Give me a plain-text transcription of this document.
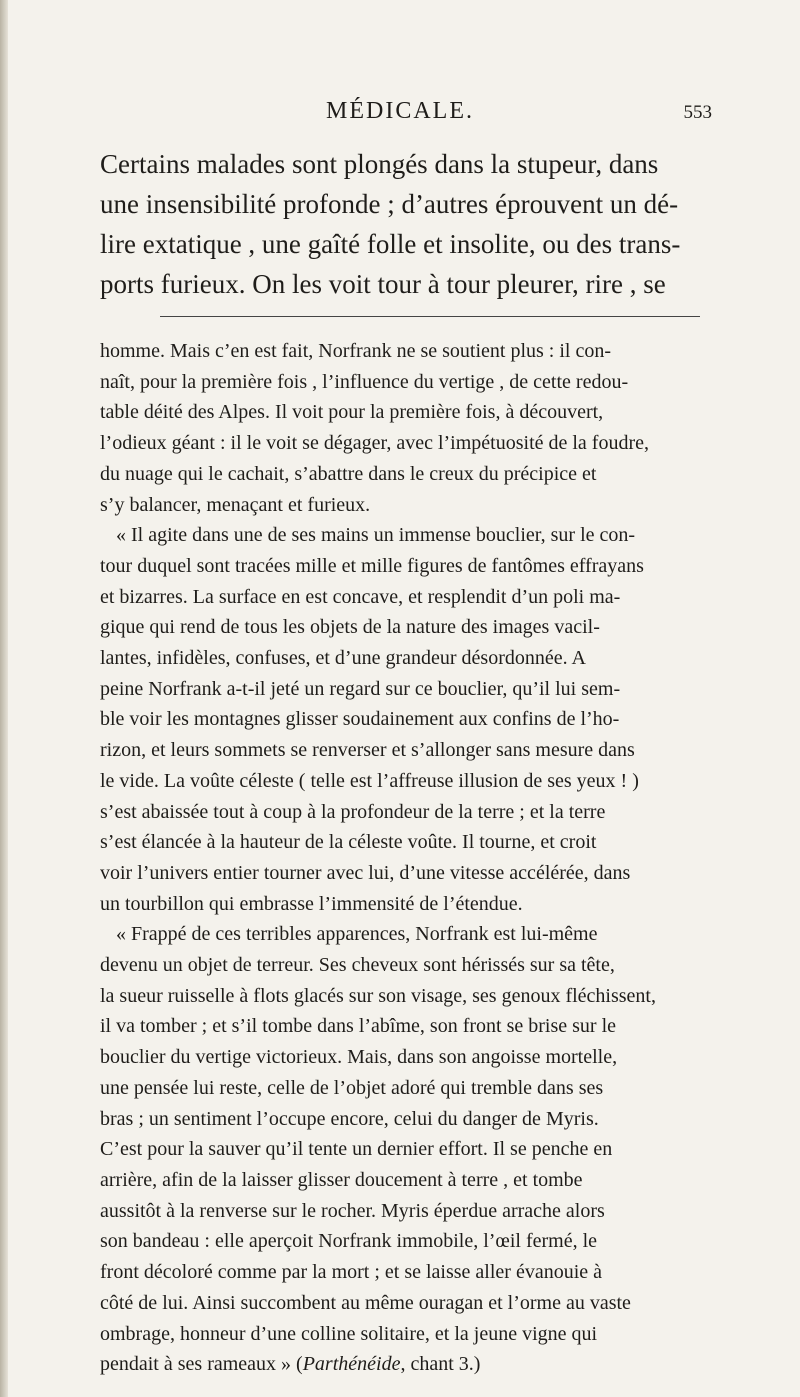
MÉDICALE.	553
Certains malades sont plongés dans la stupeur, dans
une insensibilité profonde ; d’autres éprouvent un dé-
lire extatique , une gaîté folle et insolite, ou des trans-
ports furieux. On les voit tour à tour pleurer, rire , se
homme. Mais c’en est fait, Norfrank ne se soutient plus : il con-
naît, pour la première fois , l’influence du vertige , de cette redou-
table déité des Alpes. Il voit pour la première fois, à découvert,
l’odieux géant : il le voit se dégager, avec l’impétuosité de la foudre,
du nuage qui le cachait, s’abattre dans le creux du précipice et
s’y balancer, menaçant et furieux.
« Il agite dans une de ses mains un immense bouclier, sur le con-
tour duquel sont tracées mille et mille figures de fantômes effrayans
et bizarres. La surface en est concave, et resplendit d’un poli ma-
gique qui rend de tous les objets de la nature des images vacil-
lantes, infidèles, confuses, et d’une grandeur désordonnée. A
peine Norfrank a-t-il jeté un regard sur ce bouclier, qu’il lui sem-
ble voir les montagnes glisser soudainement aux confins de l’ho-
rizon, et leurs sommets se renverser et s’allonger sans mesure dans
le vide. La voûte céleste ( telle est l’affreuse illusion de ses yeux ! )
s’est abaissée tout à coup à la profondeur de la terre ; et la terre
s’est élancée à la hauteur de la céleste voûte. Il tourne, et croit
voir l’univers entier tourner avec lui, d’une vitesse accélérée, dans
un tourbillon qui embrasse l’immensité de l’étendue.
« Frappé de ces terribles apparences, Norfrank est lui-même
devenu un objet de terreur. Ses cheveux sont hérissés sur sa tête,
la sueur ruisselle à flots glacés sur son visage, ses genoux fléchissent,
il va tomber ; et s’il tombe dans l’abîme, son front se brise sur le
bouclier du vertige victorieux. Mais, dans son angoisse mortelle,
une pensée lui reste, celle de l’objet adoré qui tremble dans ses
bras ; un sentiment l’occupe encore, celui du danger de Myris.
C’est pour la sauver qu’il tente un dernier effort. Il se penche en
arrière, afin de la laisser glisser doucement à terre , et tombe
aussitôt à la renverse sur le rocher. Myris éperdue arrache alors
son bandeau : elle aperçoit Norfrank immobile, l’œil fermé, le
front décoloré comme par la mort ; et se laisse aller évanouie à
côté de lui. Ainsi succombent au même ouragan et l’orme au vaste
ombrage, honneur d’une colline solitaire, et la jeune vigne qui
pendait à ses rameaux » (Parthénéide, chant 3.)
